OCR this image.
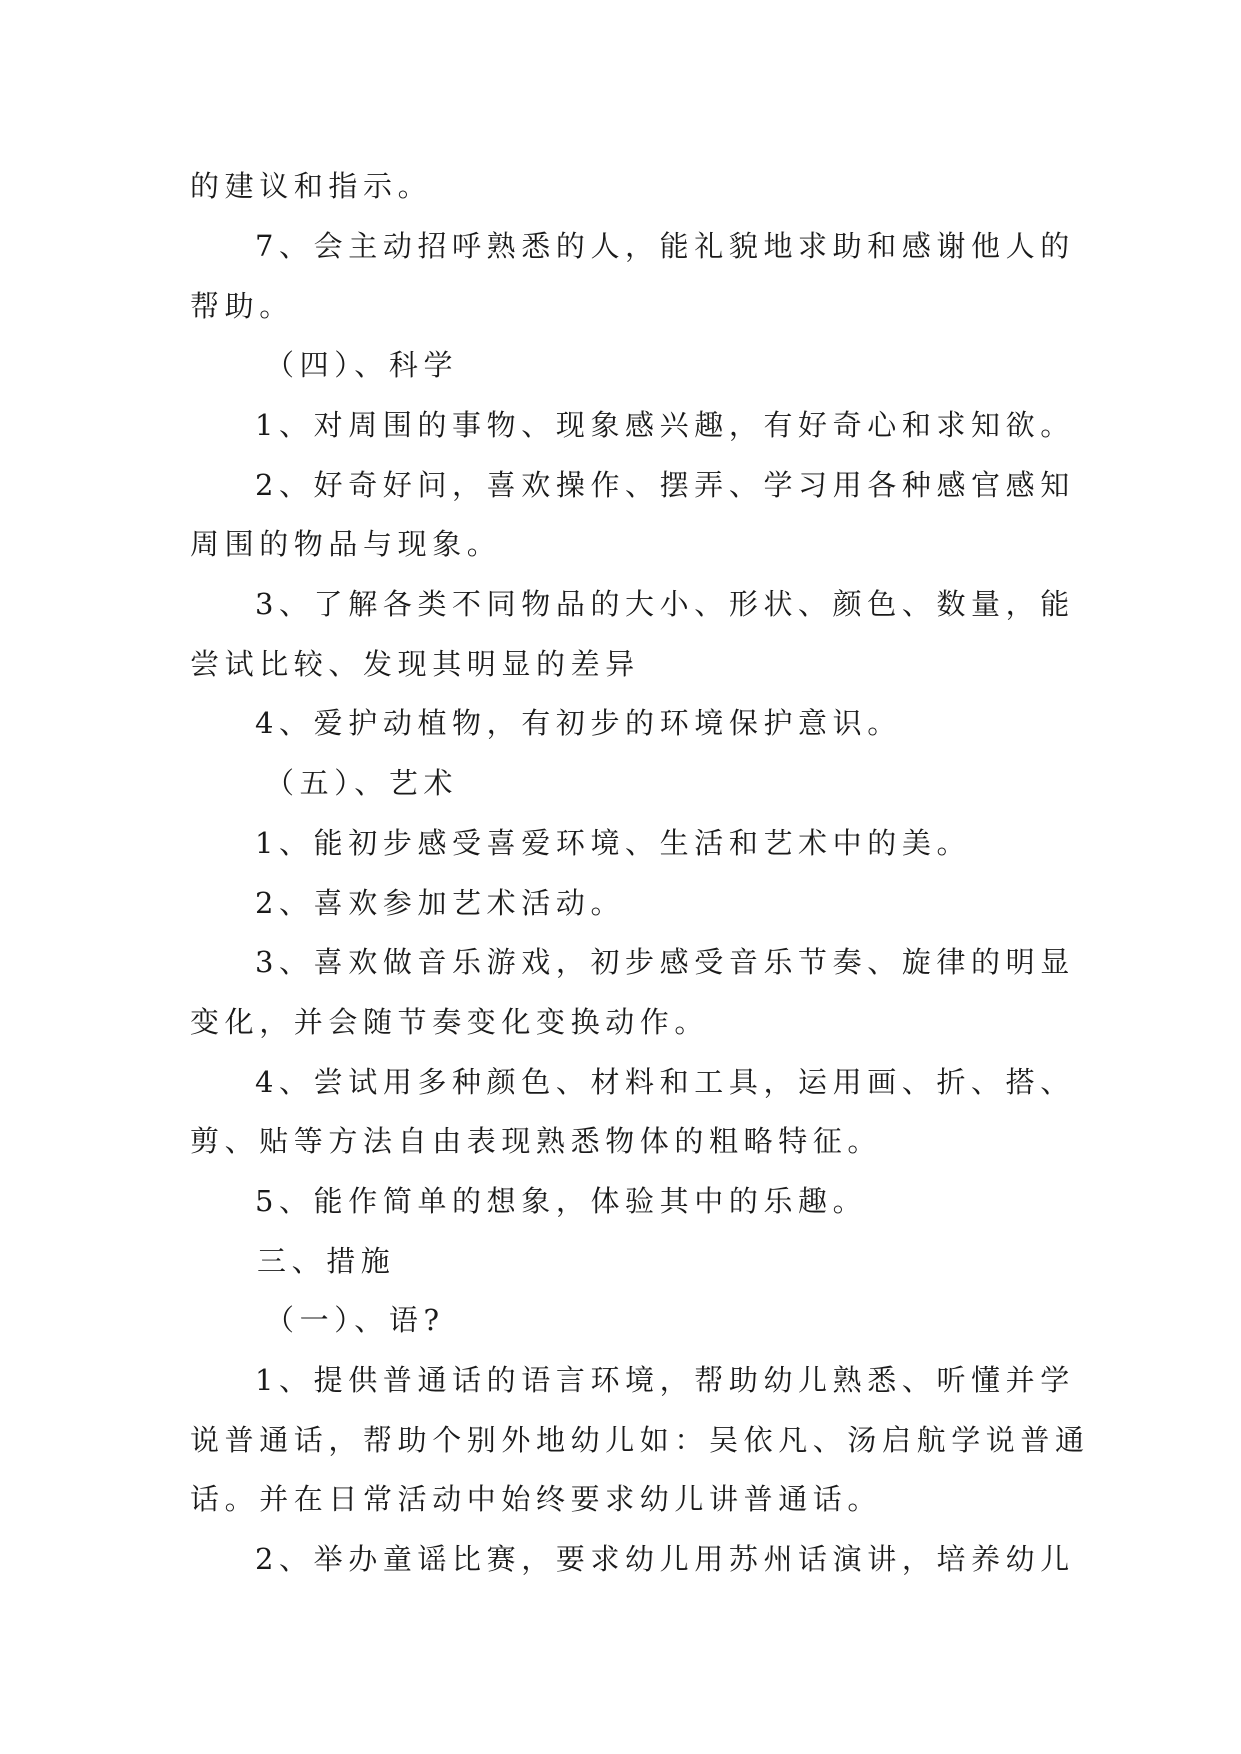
的建议和指示。
7、会主动招呼熟悉的人，能礼貌地求助和感谢他人的
帮助。
（四）、科学
1、对周围的事物、现象感兴趣，有好奇心和求知欲。
2、好奇好问，喜欢操作、摆弄、学习用各种感官感知
周围的物品与现象。
3、了解各类不同物品的大小、形状、颜色、数量，能
尝试比较、发现其明显的差异
4、爱护动植物，有初步的环境保护意识。
（五）、艺术
1、能初步感受喜爱环境、生活和艺术中的美。
2、喜欢参加艺术活动。
3、喜欢做音乐游戏，初步感受音乐节奏、旋律的明显
变化，并会随节奏变化变换动作。
4、尝试用多种颜色、材料和工具，运用画、折、搭、
剪、贴等方法自由表现熟悉物体的粗略特征。
5、能作简单的想象，体验其中的乐趣。
三、措施
（一）、语?
1、提供普通话的语言环境，帮助幼儿熟悉、听懂并学
说普通话，帮助个别外地幼儿如：吴依凡、汤启航学说普通
话。并在日常活动中始终要求幼儿讲普通话。
2、举办童谣比赛，要求幼儿用苏州话演讲，培养幼儿
